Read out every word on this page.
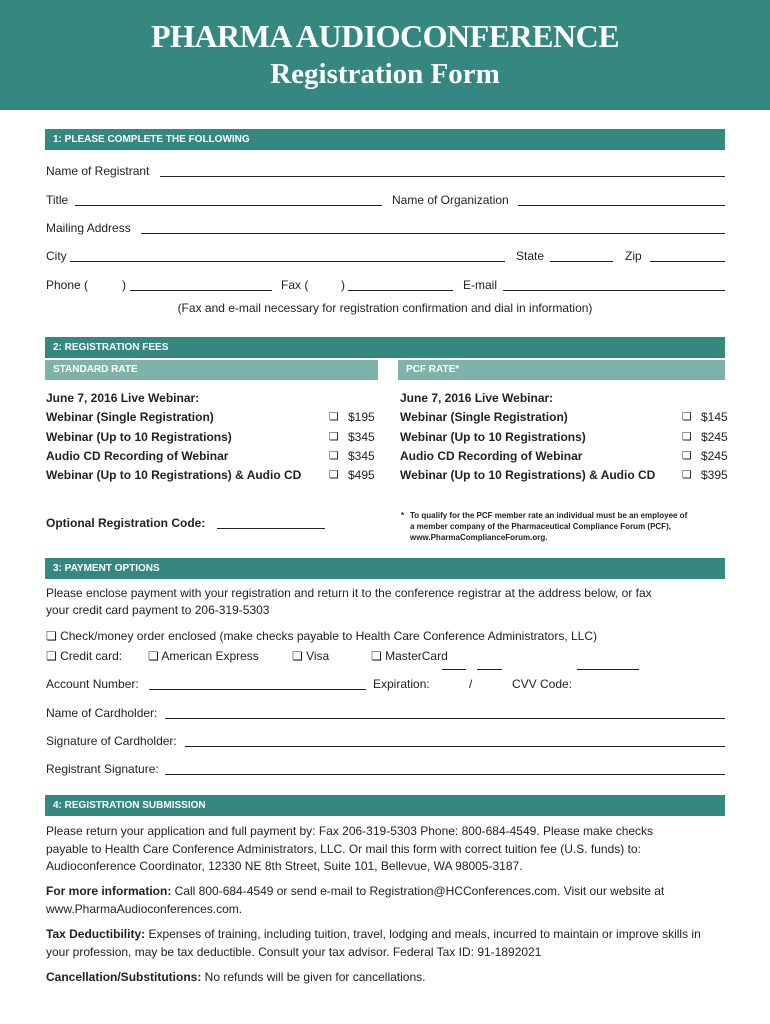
PHARMA AUDIOCONFERENCE
Registration Form
1: PLEASE COMPLETE THE FOLLOWING
Name of Registrant
Title	Name of Organization
Mailing Address
City	State	Zip
Phone (	)	Fax (	)	E-mail
(Fax and e-mail necessary for registration confirmation and dial in information)
2: REGISTRATION FEES
STANDARD RATE	PCF RATE*
June 7, 2016 Live Webinar:	June 7, 2016 Live Webinar:
Webinar (Single Registration)	❏ $195
Webinar (Up to 10 Registrations)	❏ $345
Audio CD Recording of Webinar	❏ $345
Webinar (Up to 10 Registrations) & Audio CD	❏ $495
Webinar (Single Registration)	❏ $145
Webinar (Up to 10 Registrations)	❏ $245
Audio CD Recording of Webinar	❏ $245
Webinar (Up to 10 Registrations) & Audio CD ❏ $395
Optional Registration Code:
* To qualify for the PCF member rate an individual must be an employee of
a member company of the Pharmaceutical Compliance Forum (PCF),
www.PharmaComplianceForum.org.
3: PAYMENT OPTIONS
Please enclose payment with your registration and return it to the conference registrar at the address below, or fax
your credit card payment to 206-319-5303
❏ Check/money order enclosed (make checks payable to Health Care Conference Administrators, LLC)
❏ Credit card: ❏ American Express	❏ Visa	❏ MasterCard
Account Number:	Expiration:	/	CVV Code:
Name of Cardholder:
Signature of Cardholder:
Registrant Signature:
4: REGISTRATION SUBMISSION
Please return your application and full payment by: Fax 206-319-5303 Phone: 800-684-4549. Please make checks payable to Health Care Conference Administrators, LLC. Or mail this form with correct tuition fee (U.S. funds) to: Audioconference Coordinator, 12330 NE 8th Street, Suite 101, Bellevue, WA 98005-3187.
For more information: Call 800-684-4549 or send e-mail to Registration@HCConferences.com. Visit our website at www.PharmaAudioconferences.com.
Tax Deductibility: Expenses of training, including tuition, travel, lodging and meals, incurred to maintain or improve skills in your profession, may be tax deductible. Consult your tax advisor. Federal Tax ID: 91-1892021
Cancellation/Substitutions: No refunds will be given for cancellations.
